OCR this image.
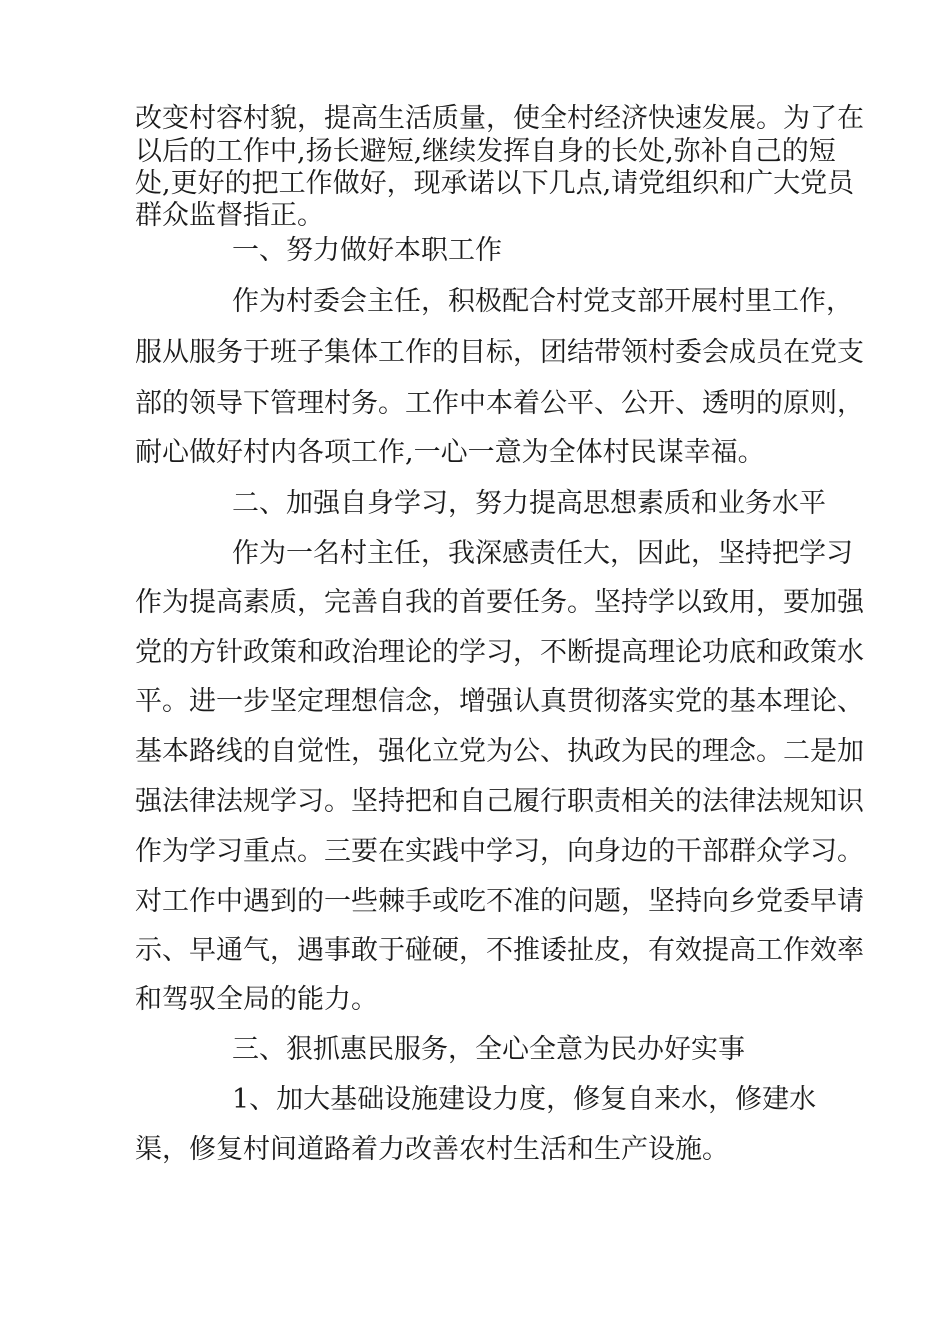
改变村容村貌，提高生活质量，使全村经济快速发展。为了在
以后的工作中,扬长避短,继续发挥自身的长处,弥补自己的短
处,更好的把工作做好，现承诺以下几点,请党组织和广大党员
群众监督指正。
一、努力做好本职工作
作为村委会主任，积极配合村党支部开展村里工作，
服从服务于班子集体工作的目标，团结带领村委会成员在党支
部的领导下管理村务。工作中本着公平、公开、透明的原则，
耐心做好村内各项工作,一心一意为全体村民谋幸福。
二、加强自身学习，努力提高思想素质和业务水平
作为一名村主任，我深感责任大，因此，坚持把学习
作为提高素质，完善自我的首要任务。坚持学以致用，要加强
党的方针政策和政治理论的学习，不断提高理论功底和政策水
平。进一步坚定理想信念，增强认真贯彻落实党的基本理论、
基本路线的自觉性，强化立党为公、执政为民的理念。二是加
强法律法规学习。坚持把和自己履行职责相关的法律法规知识
作为学习重点。三要在实践中学习，向身边的干部群众学习。
对工作中遇到的一些棘手或吃不准的问题，坚持向乡党委早请
示、早通气，遇事敢于碰硬，不推诿扯皮，有效提高工作效率
和驾驭全局的能力。
三、狠抓惠民服务，全心全意为民办好实事
1、加大基础设施建设力度，修复自来水，修建水
渠，修复村间道路着力改善农村生活和生产设施。
